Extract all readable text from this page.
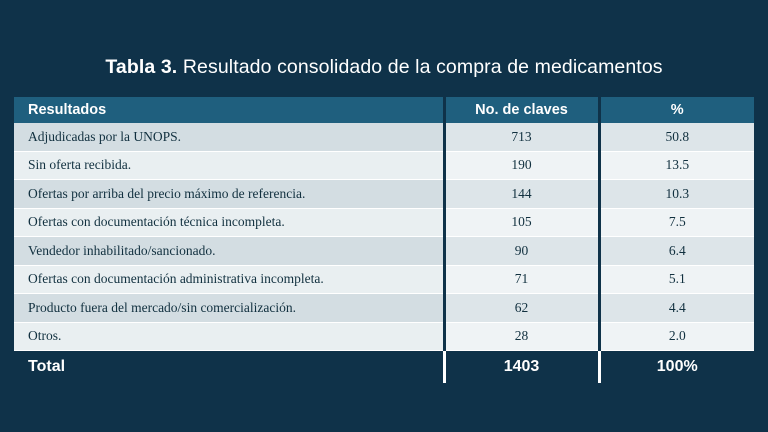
Tabla 3. Resultado consolidado de la compra de medicamentos
Resultados	No. de claves	%
Adjudicadas por la UNOPS.	713	50.8
Sin oferta recibida.	190	13.5
Ofertas por arriba del precio máximo de referencia.	144	10.3
Ofertas con documentación técnica incompleta.	105	7.5
Vendedor inhabilitado/sancionado.	90	6.4
Ofertas con documentación administrativa incompleta.	71	5.1
Producto fuera del mercado/sin comercialización.	62	4.4
Otros.	28	2.0
Total	1403	100%
